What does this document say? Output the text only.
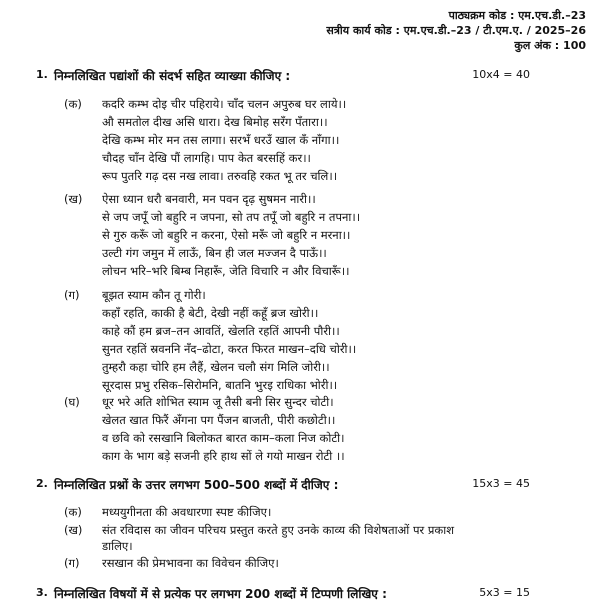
पाठ्यक्रम कोड : एम.एच.डी.–23
सत्रीय कार्य कोड : एम.एच.डी.–23 / टी.एम.ए. / 2025–26
कुल अंक : 100
1. निम्नलिखित पद्यांशों की संदर्भ सहित व्याख्या कीजिए :	10x4 = 40
(क) कदरि कम्भ दोइ चीर पहिराये। चाँद चलन अपुरुब घर लाये।।
औ समतोल दीख असि धारा। देख बिमोह सरँग पँतारा।।
देखि कम्भ मोर मन तस लागा। सरभँ धरउँ खाल कँ नाँगा।।
चौदह चाँन देखि पौं लागहि। पाप केत बरसहिं कर।।
रूप पुतरि गढ़ दस नख लावा। तरुवहि रकत भू तर चलि।।
(ख) ऐसा ध्यान धरौ बनवारी, मन पवन दृढ़ सुषमन नारी।।
से जप जपूँ जो बहुरि न जपना, सो तप तपूँ जो बहुरि न तपना।।
से गुरु करूँ जो बहुरि न करना, ऐसो मरूँ जो बहुरि न मरना।।
उल्टी गंग जमुन में लाऊँ, बिन ही जल मज्जन दै पाऊँ।।
लोचन भरि–भरि बिम्ब निहारूँ, जेति विचारि न और विचारूँ।।
(ग) बूझत स्याम कौन तू गोरी।
कहाँ रहति, काकी है बेटी, देखी नहीं कहूँ ब्रज खोरी।।
काहे कौं हम ब्रज–तन आवतिं, खेलति रहतिं आपनी पौरी।।
सुनत रहतिं स्रवननि नँद–ढोटा, करत फिरत माखन–दधि चोरी।।
तुम्हरौ कहा चोरि हम लैहैं, खेलन चलौ संग मिलि जोरी।।
सूरदास प्रभु रसिक–सिरोमनि, बातनि भुरइ राधिका भोरी।।
(घ) धूर भरे अति शोभित स्याम जू तैसी बनी सिर सुन्दर चोटी।
खेलत खात फिरैं अँगना पग पैंजन बाजती, पीरी कछोटी।।
व छवि को रसखानि बिलोकत बारत काम–कला निज कोटी।
काग के भाग बड़े सजनी हरि हाथ सों ले गयो माखन रोटी ।।
2. निम्नलिखित प्रश्नों के उत्तर लगभग 500–500 शब्दों में दीजिए :	15x3 = 45
(क) मध्ययुगीनता की अवधारणा स्पष्ट कीजिए।
(ख) संत रविदास का जीवन परिचय प्रस्तुत करते हुए उनके काव्य की विशेषताओं पर प्रकाश
डालिए।
(ग) रसखान की प्रेमभावना का विवेचन कीजिए।
3. निम्नलिखित विषयों में से प्रत्येक पर लगभग 200 शब्दों में टिप्पणी लिखिए :	5x3 = 15
